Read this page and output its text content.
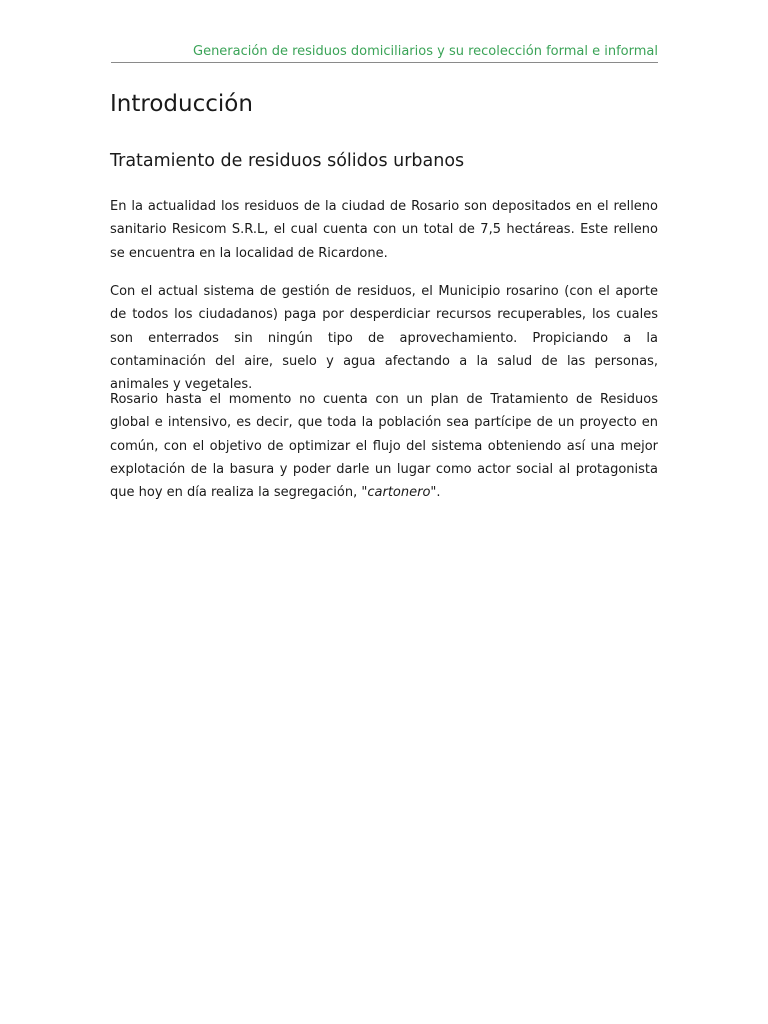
Generación de residuos domiciliarios y su recolección formal e informal
Introducción
Tratamiento de residuos sólidos urbanos

En la actualidad los residuos de la ciudad de Rosario son depositados en el relleno sanitario Resicom S.R.L, el cual cuenta con un total de 7,5 hectáreas. Este relleno se encuentra en la localidad de Ricardone.

Con el actual sistema de gestión de residuos, el Municipio rosarino (con el aporte de todos los ciudadanos) paga por desperdiciar recursos recuperables, los cuales son enterrados sin ningún tipo de aprovechamiento. Propiciando a la contaminación del aire, suelo y agua afectando a la salud de las personas, animales y vegetales.

Rosario hasta el momento no cuenta con un plan de Tratamiento de Residuos global e intensivo, es decir, que toda la población sea partícipe de un proyecto en común, con el objetivo de optimizar el flujo del sistema obteniendo así una mejor explotación de la basura y poder darle un lugar como actor social al protagonista que hoy en día realiza la segregación, "cartonero".
